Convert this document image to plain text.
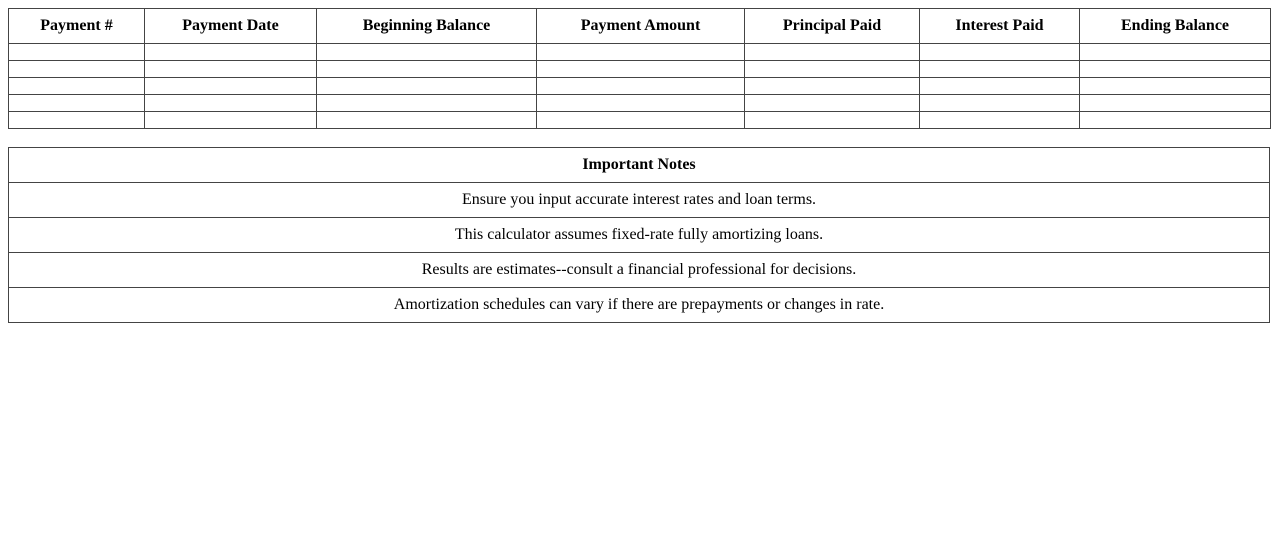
Payment #	Payment Date	Beginning Balance	Payment Amount	Principal Paid	Interest Paid	Ending Balance

Important Notes
Ensure you input accurate interest rates and loan terms.
This calculator assumes fixed-rate fully amortizing loans.
Results are estimates--consult a financial professional for decisions.
Amortization schedules can vary if there are prepayments or changes in rate.
